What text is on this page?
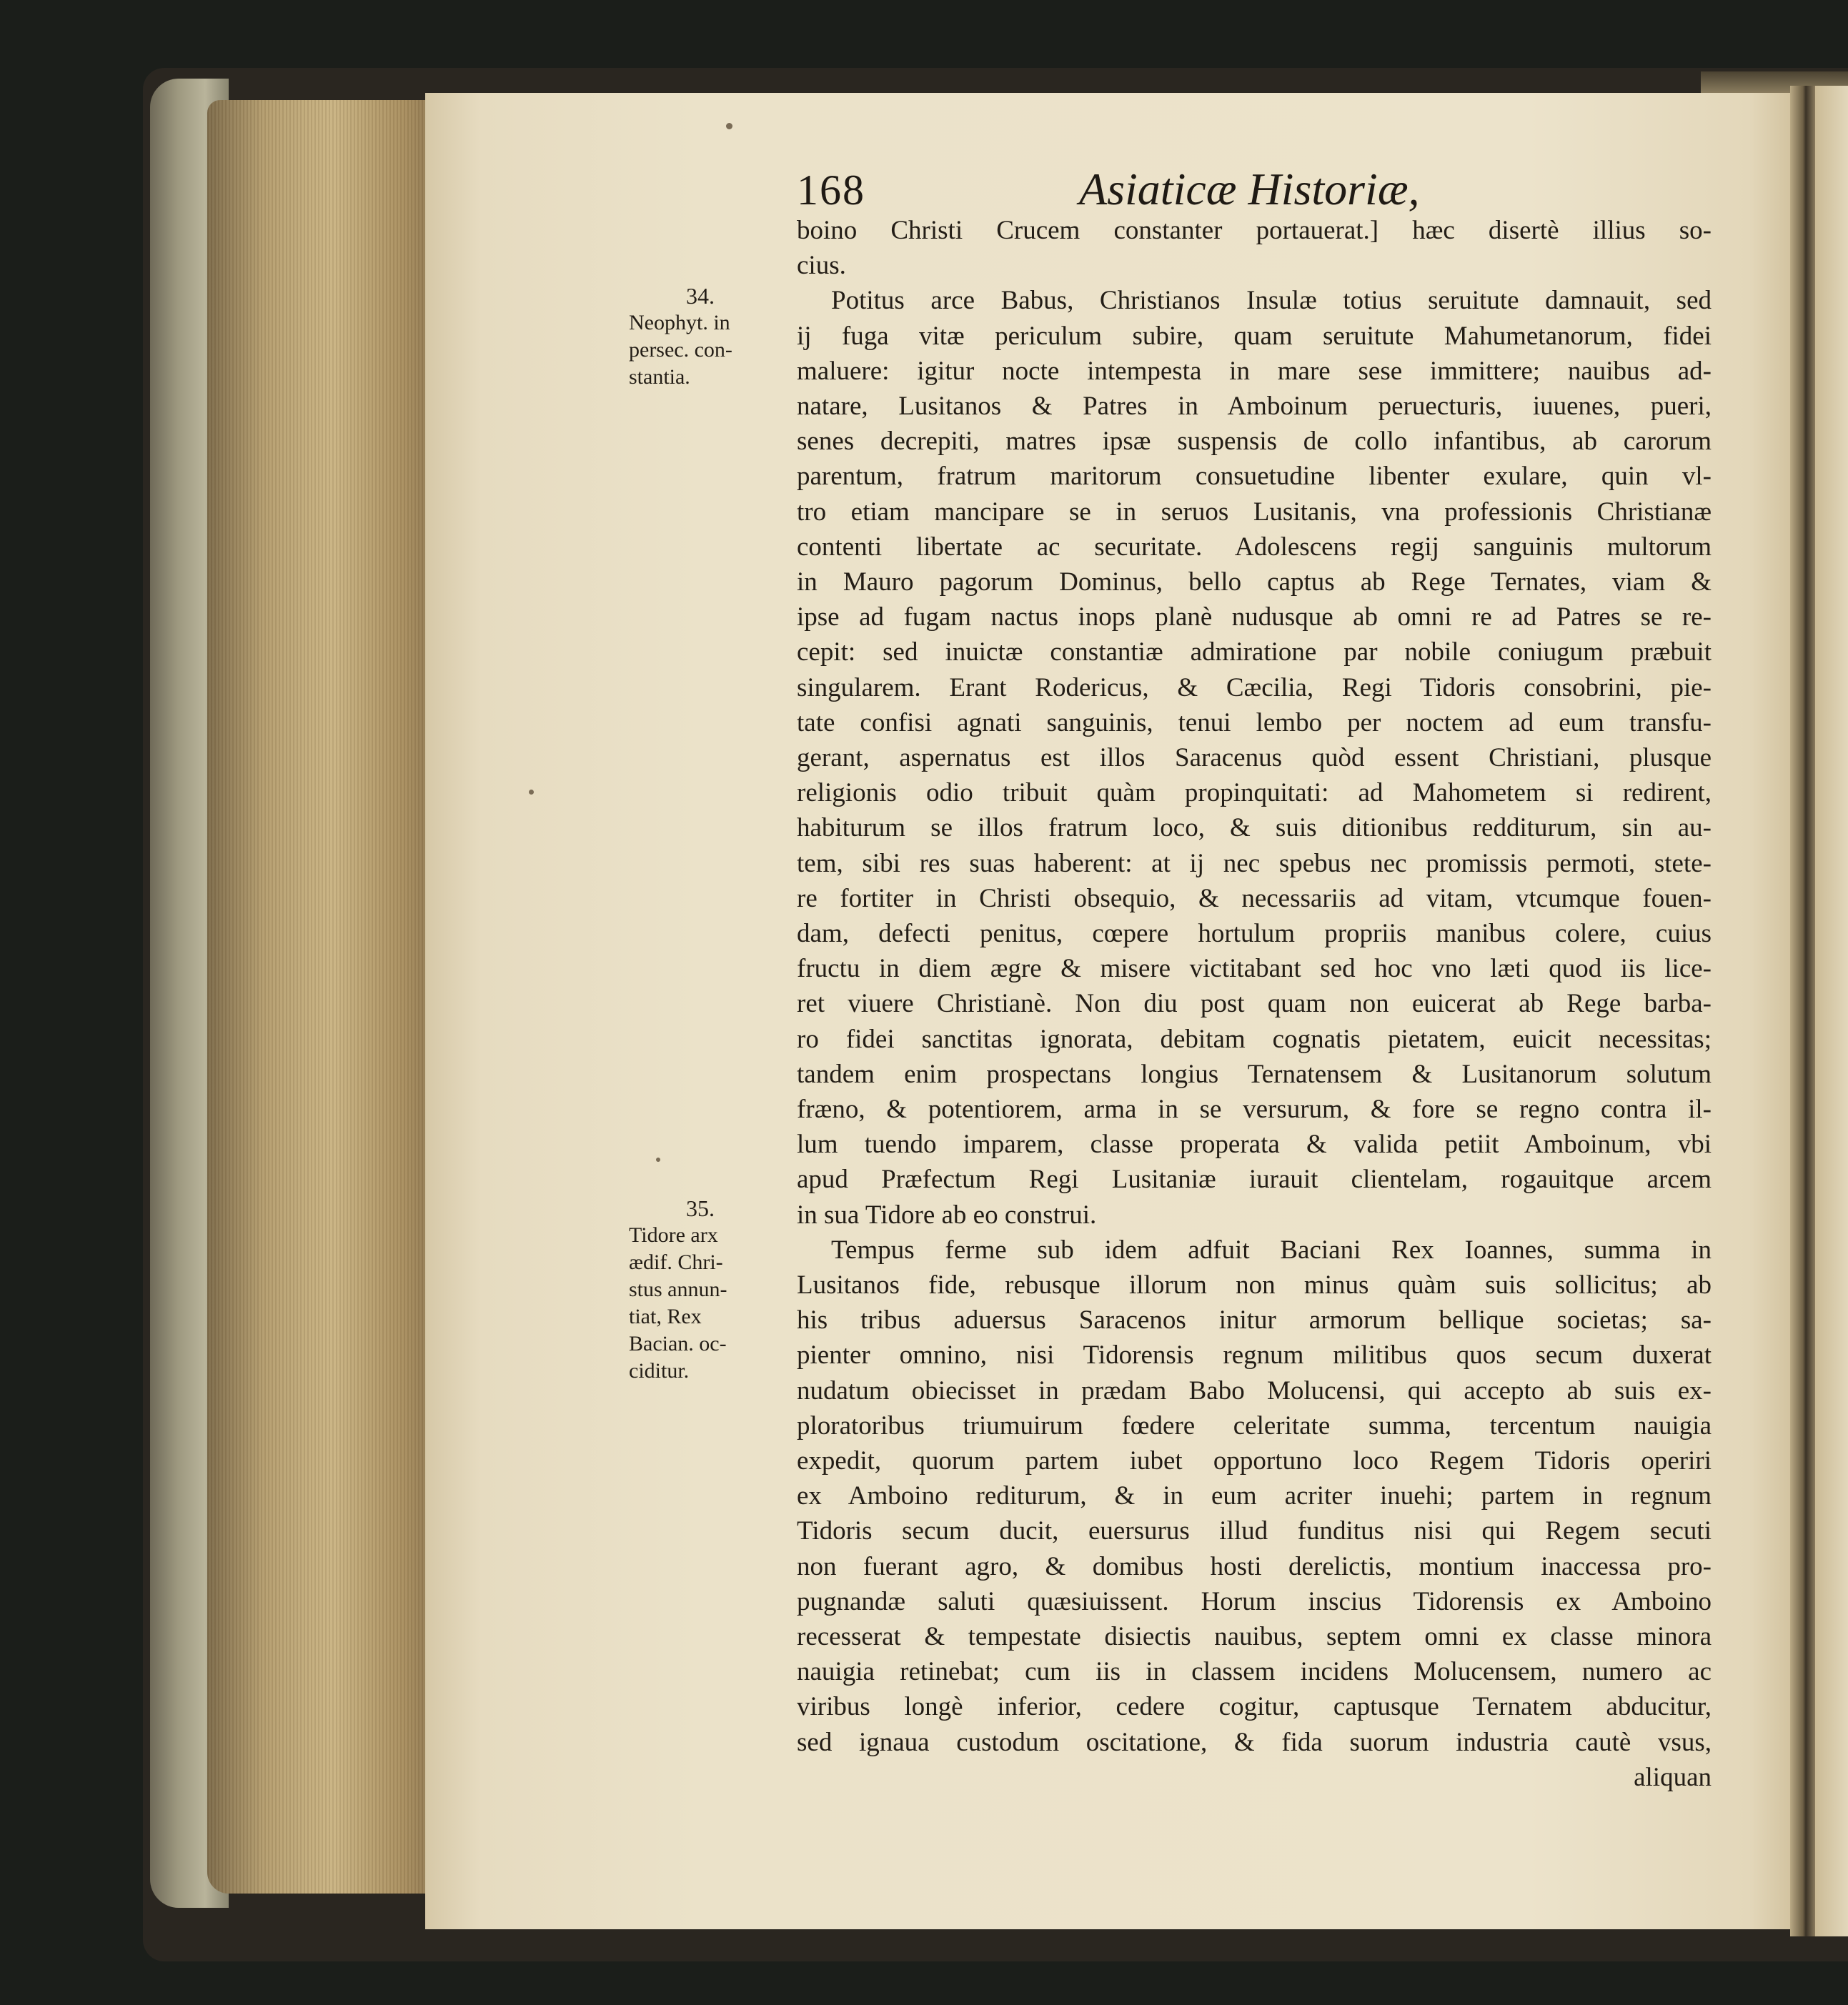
168	Asiaticæ Historiæ,
34.
Neophyt. in
persec. con-
stantia.
35.
Tidore arx
ædif. Chri-
stus annun-
tiat, Rex
Bacian. oc-
ciditur.
boino Christi Crucem constanter portauerat.] hæc disertè illius so-
cius.
Potitus arce Babus, Christianos Insulæ totius seruitute damnauit, sed
ij fuga vitæ periculum subire, quam seruitute Mahumetanorum, fidei
maluere: igitur nocte intempesta in mare sese immittere; nauibus ad-
natare, Lusitanos & Patres in Amboinum peruecturis, iuuenes, pueri,
senes decrepiti, matres ipsæ suspensis de collo infantibus, ab carorum
parentum, fratrum maritorum consuetudine libenter exulare, quin vl-
tro etiam mancipare se in seruos Lusitanis, vna professionis Christianæ
contenti libertate ac securitate. Adolescens regij sanguinis multorum
in Mauro pagorum Dominus, bello captus ab Rege Ternates, viam &
ipse ad fugam nactus inops planè nudusque ab omni re ad Patres se re-
cepit: sed inuictæ constantiæ admiratione par nobile coniugum præbuit
singularem. Erant Rodericus, & Cæcilia, Regi Tidoris consobrini, pie-
tate confisi agnati sanguinis, tenui lembo per noctem ad eum transfu-
gerant, aspernatus est illos Saracenus quòd essent Christiani, plusque
religionis odio tribuit quàm propinquitati: ad Mahometem si redirent,
habiturum se illos fratrum loco, & suis ditionibus redditurum, sin au-
tem, sibi res suas haberent: at ij nec spebus nec promissis permoti, stete-
re fortiter in Christi obsequio, & necessariis ad vitam, vtcumque fouen-
dam, defecti penitus, cœpere hortulum propriis manibus colere, cuius
fructu in diem ægre & misere victitabant sed hoc vno læti quod iis lice-
ret viuere Christianè. Non diu post quam non euicerat ab Rege barba-
ro fidei sanctitas ignorata, debitam cognatis pietatem, euicit necessitas;
tandem enim prospectans longius Ternatensem & Lusitanorum solutum
fræno, & potentiorem, arma in se versurum, & fore se regno contra il-
lum tuendo imparem, classe properata & valida petiit Amboinum, vbi
apud Præfectum Regi Lusitaniæ iurauit clientelam, rogauitque arcem
in sua Tidore ab eo construi.
Tempus ferme sub idem adfuit Baciani Rex Ioannes, summa in
Lusitanos fide, rebusque illorum non minus quàm suis sollicitus; ab
his tribus aduersus Saracenos initur armorum bellique societas; sa-
pienter omnino, nisi Tidorensis regnum militibus quos secum duxerat
nudatum obiecisset in prædam Babo Molucensi, qui accepto ab suis ex-
ploratoribus triumuirum fœdere celeritate summa, tercentum nauigia
expedit, quorum partem iubet opportuno loco Regem Tidoris operiri
ex Amboino rediturum, & in eum acriter inuehi; partem in regnum
Tidoris secum ducit, euersurus illud funditus nisi qui Regem secuti
non fuerant agro, & domibus hosti derelictis, montium inaccessa pro-
pugnandæ saluti quæsiuissent. Horum inscius Tidorensis ex Amboino
recesserat & tempestate disiectis nauibus, septem omni ex classe minora
nauigia retinebat; cum iis in classem incidens Molucensem, numero ac
viribus longè inferior, cedere cogitur, captusque Ternatem abducitur,
sed ignaua custodum oscitatione, & fida suorum industria cautè vsus,
aliquan
